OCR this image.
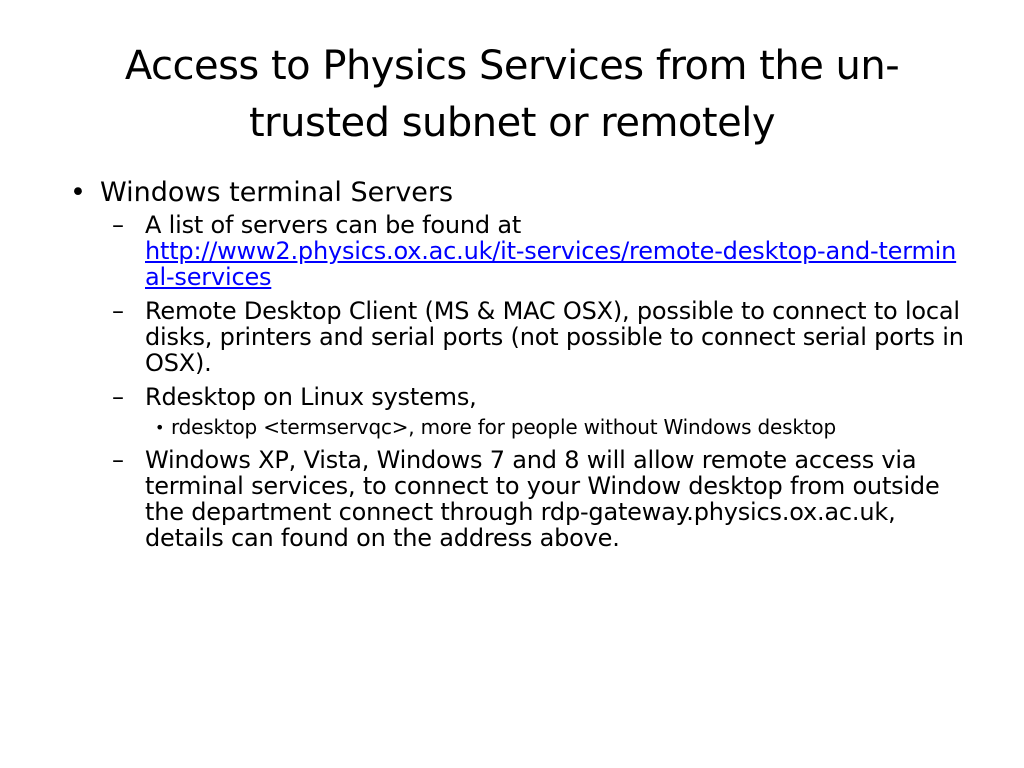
Access to Physics Services from the un-trusted subnet or remotely
• Windows terminal Servers
– A list of servers can be found at
http://www2.physics.ox.ac.uk/it-services/remote-desktop-and-terminal-services
– Remote Desktop Client (MS & MAC OSX), possible to connect to local disks, printers and serial ports (not possible to connect serial ports in OSX).
– Rdesktop on Linux systems,
• rdesktop <termservqc>, more for people without Windows desktop
– Windows XP, Vista, Windows 7 and 8 will allow remote access via terminal services, to connect to your Window desktop from outside the department connect through rdp-gateway.physics.ox.ac.uk, details can found on the address above.
